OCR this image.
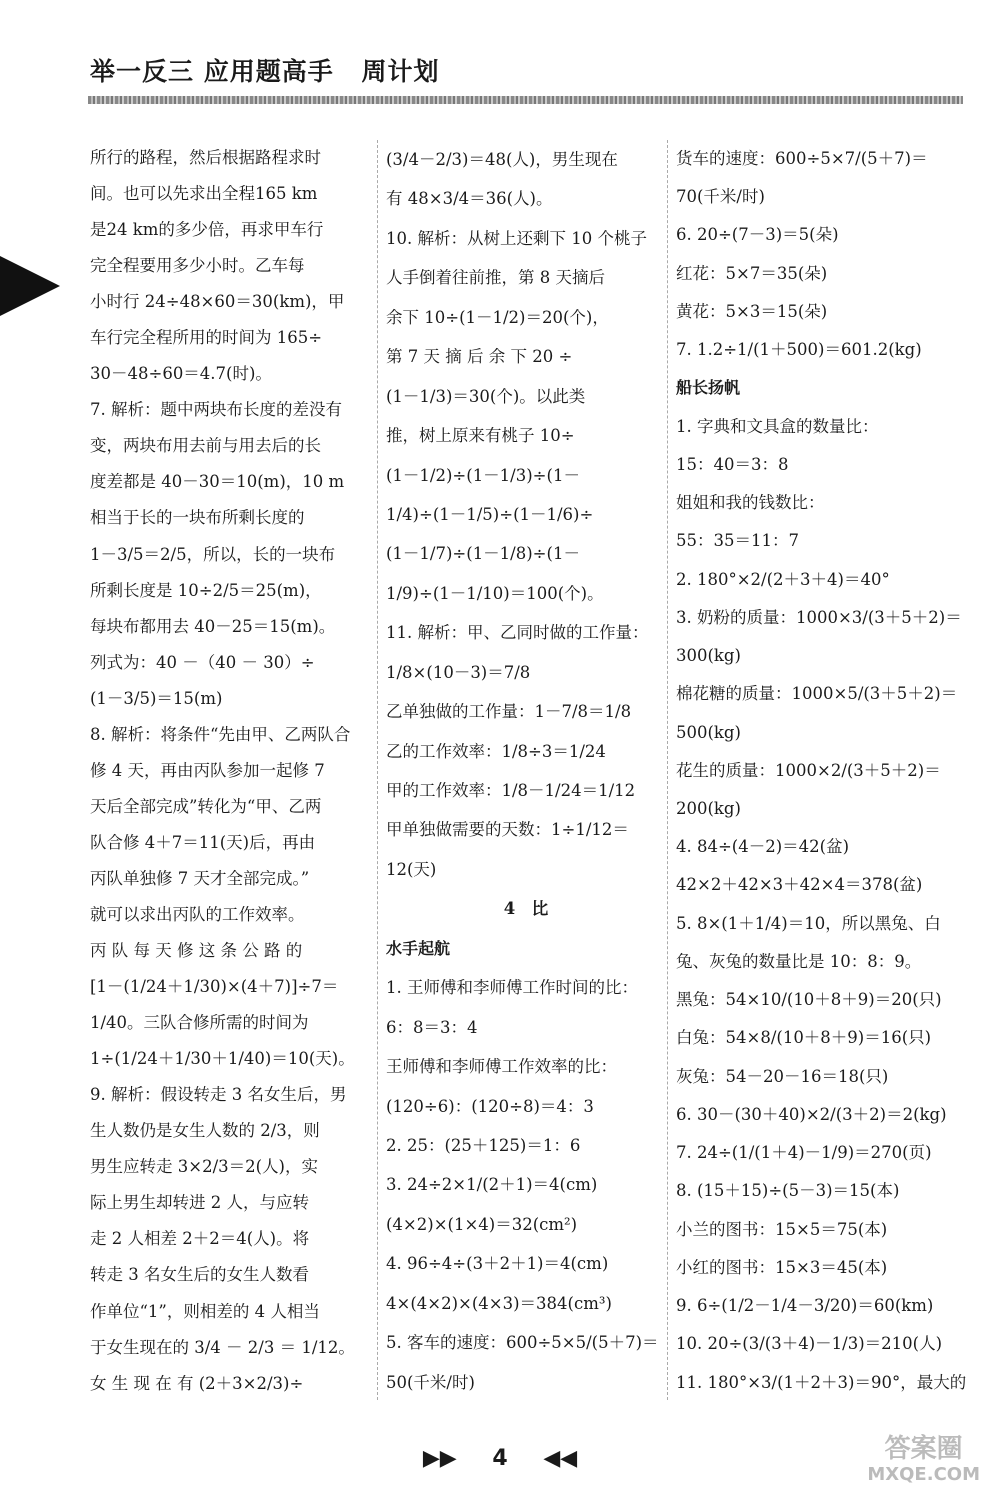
举一反三 应用题高手 周计划

所行的路程，然后根据路程求时

间。也可以先求出全程165 km

是24 km的多少倍，再求甲车行

完全程要用多少小时。乙车每

小时行 24÷48×60＝30(km)，甲

车行完全程所用的时间为 165÷

30－48÷60＝4.7(时)。

7. 解析：题中两块布长度的差没有

变，两块布用去前与用去后的长

度差都是 40－30＝10(m)，10 m

相当于长的一块布所剩长度的

1－3/5＝2/5，所以，长的一块布

所剩长度是 10÷2/5＝25(m)，

每块布都用去 40－25＝15(m)。

列式为：40 －（40 － 30）÷

(1－3/5)＝15(m)

8. 解析：将条件“先由甲、乙两队合

修 4 天，再由丙队参加一起修 7

天后全部完成”转化为“甲、乙两

队合修 4＋7＝11(天)后，再由

丙队单独修 7 天才全部完成。”

就可以求出丙队的工作效率。

丙 队 每 天 修 这 条 公 路 的

[1－(1/24＋1/30)×(4＋7)]÷7＝

1/40。三队合修所需的时间为

1÷(1/24＋1/30＋1/40)＝10(天)。

9. 解析：假设转走 3 名女生后，男

生人数仍是女生人数的 2/3，则

男生应转走 3×2/3＝2(人)，实

际上男生却转进 2 人，与应转

走 2 人相差 2＋2＝4(人)。将

转走 3 名女生后的女生人数看

作单位“1”，则相差的 4 人相当

于女生现在的 3/4 － 2/3 ＝ 1/12。

女 生 现 在 有 (2＋3×2/3)÷

(3/4－2/3)＝48(人)，男生现在

有 48×3/4＝36(人)。

10. 解析：从树上还剩下 10 个桃子

人手倒着往前推，第 8 天摘后

余下 10÷(1－1/2)＝20(个)，

第 7 天 摘 后 余 下 20 ÷

(1－1/3)＝30(个)。以此类

推，树上原来有桃子 10÷

(1－1/2)÷(1－1/3)÷(1－

1/4)÷(1－1/5)÷(1－1/6)÷

(1－1/7)÷(1－1/8)÷(1－

1/9)÷(1－1/10)＝100(个)。

11. 解析：甲、乙同时做的工作量：

1/8×(10－3)＝7/8

乙单独做的工作量：1－7/8＝1/8

乙的工作效率：1/8÷3＝1/24

甲的工作效率：1/8－1/24＝1/12

甲单独做需要的天数：1÷1/12＝

12(天)

4　比

水手起航

1. 王师傅和李师傅工作时间的比：

6：8＝3：4

王师傅和李师傅工作效率的比：

(120÷6)：(120÷8)＝4：3

2. 25：(25＋125)＝1：6

3. 24÷2×1/(2＋1)＝4(cm)

(4×2)×(1×4)＝32(cm²)

4. 96÷4÷(3＋2＋1)＝4(cm)

4×(4×2)×(4×3)＝384(cm³)

5. 客车的速度：600÷5×5/(5＋7)＝

50(千米/时)

货车的速度：600÷5×7/(5＋7)＝

70(千米/时)

6. 20÷(7－3)＝5(朵)

红花：5×7＝35(朵)

黄花：5×3＝15(朵)

7. 1.2÷1/(1＋500)＝601.2(kg)

船长扬帆

1. 字典和文具盒的数量比：

15：40＝3：8

姐姐和我的钱数比：

55：35＝11：7

2. 180°×2/(2＋3＋4)＝40°

3. 奶粉的质量：1000×3/(3＋5＋2)＝

300(kg)

棉花糖的质量：1000×5/(3＋5＋2)＝

500(kg)

花生的质量：1000×2/(3＋5＋2)＝

200(kg)

4. 84÷(4－2)＝42(盆)

42×2＋42×3＋42×4＝378(盆)

5. 8×(1＋1/4)＝10，所以黑兔、白

兔、灰兔的数量比是 10：8：9。

黑兔：54×10/(10＋8＋9)＝20(只)

白兔：54×8/(10＋8＋9)＝16(只)

灰兔：54－20－16＝18(只)

6. 30－(30＋40)×2/(3＋2)＝2(kg)

7. 24÷(1/(1＋4)－1/9)＝270(页)

8. (15＋15)÷(5－3)＝15(本)

小兰的图书：15×5＝75(本)

小红的图书：15×3＝45(本)

9. 6÷(1/2－1/4－3/20)＝60(km)

10. 20÷(3/(3＋4)－1/3)＝210(人)

11. 180°×3/(1＋2＋3)＝90°，最大的

▶▶ 4 ◀◀	答案圈
MXQE.COM
